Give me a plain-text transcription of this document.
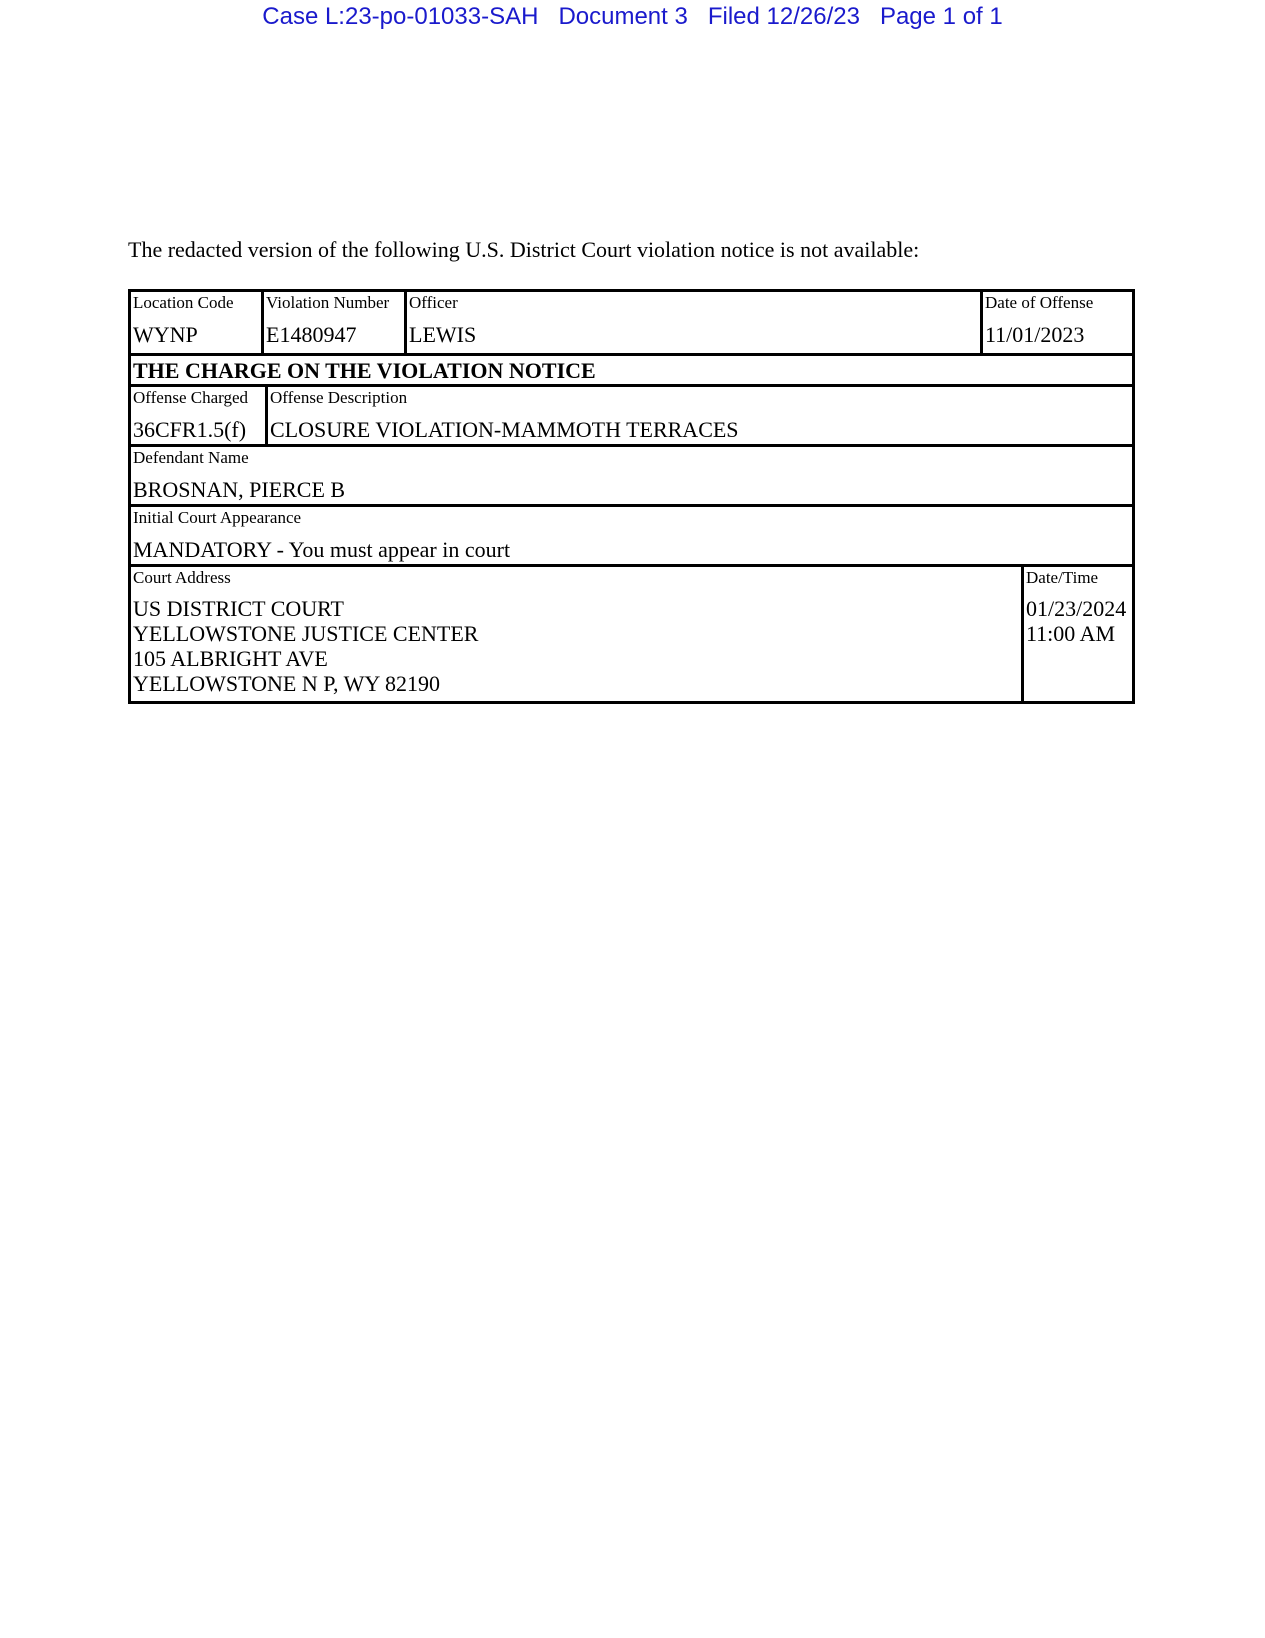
Case L:23-po-01033-SAH Document 3 Filed 12/26/23 Page 1 of 1
The redacted version of the following U.S. District Court violation notice is not available:
Location Code
WYNP
Violation Number
E1480947
Officer
LEWIS
Date of Offense
11/01/2023
THE CHARGE ON THE VIOLATION NOTICE
Offense Charged
36CFR1.5(f)
Offense Description
CLOSURE VIOLATION-MAMMOTH TERRACES
Defendant Name
BROSNAN, PIERCE B
Initial Court Appearance
MANDATORY - You must appear in court
Court Address
US DISTRICT COURT
YELLOWSTONE JUSTICE CENTER
105 ALBRIGHT AVE
YELLOWSTONE N P, WY 82190
Date/Time
01/23/2024
11:00 AM
